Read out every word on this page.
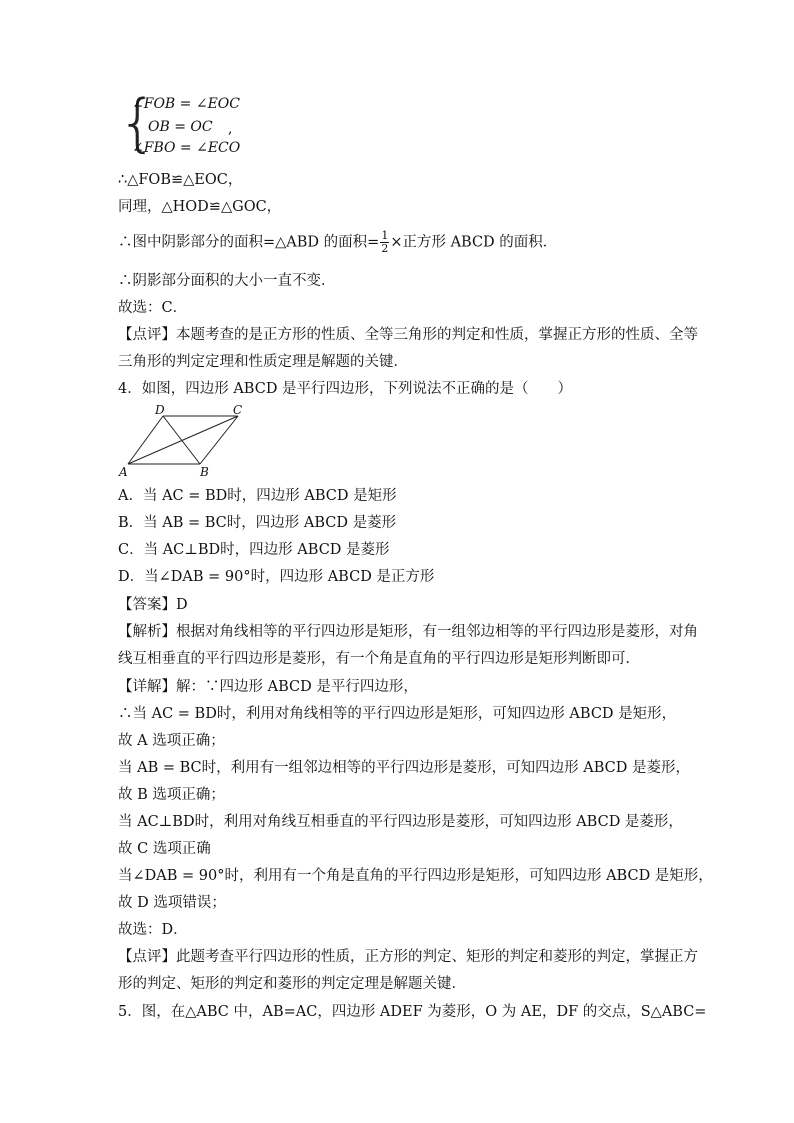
{
∠FOB = ∠EOC
OB = OC ,
∠FBO = ∠ECO
∴△FOB≌△EOC，
同理，△HOD≌△GOC，
∴图中阴影部分的面积=△ABD 的面积= $\frac{1}{2}$ ×正方形 ABCD 的面积．
∴阴影部分面积的大小一直不变．
故选：C．
【点评】本题考查的是正方形的性质、全等三角形的判定和性质，掌握正方形的性质、全等
三角形的判定定理和性质定理是解题的关键．
4．如图，四边形 ABCD 是平行四边形，下列说法不正确的是（　　）
A	B
C
D
A．当 AC = BD时，四边形 ABCD 是矩形
B．当 AB = BC时，四边形 ABCD 是菱形
C．当 AC⊥BD时，四边形 ABCD 是菱形
D．当∠DAB = 90°时，四边形 ABCD 是正方形
【答案】D
【解析】根据对角线相等的平行四边形是矩形，有一组邻边相等的平行四边形是菱形，对角
线互相垂直的平行四边形是菱形，有一个角是直角的平行四边形是矩形判断即可．
【详解】解：∵四边形 ABCD 是平行四边形，
∴当 AC = BD时，利用对角线相等的平行四边形是矩形，可知四边形 ABCD 是矩形，
故 A 选项正确；
当 AB = BC时，利用有一组邻边相等的平行四边形是菱形，可知四边形 ABCD 是菱形，
故 B 选项正确；
当 AC⊥BD时，利用对角线互相垂直的平行四边形是菱形，可知四边形 ABCD 是菱形，
故 C 选项正确
当∠DAB = 90°时，利用有一个角是直角的平行四边形是矩形，可知四边形 ABCD 是矩形，
故 D 选项错误；
故选：D．
【点评】此题考查平行四边形的性质，正方形的判定、矩形的判定和菱形的判定，掌握正方
形的判定、矩形的判定和菱形的判定定理是解题关键．
5．图，在△ABC 中，AB=AC，四边形 ADEF 为菱形，O 为 AE，DF 的交点，S△ABC=
